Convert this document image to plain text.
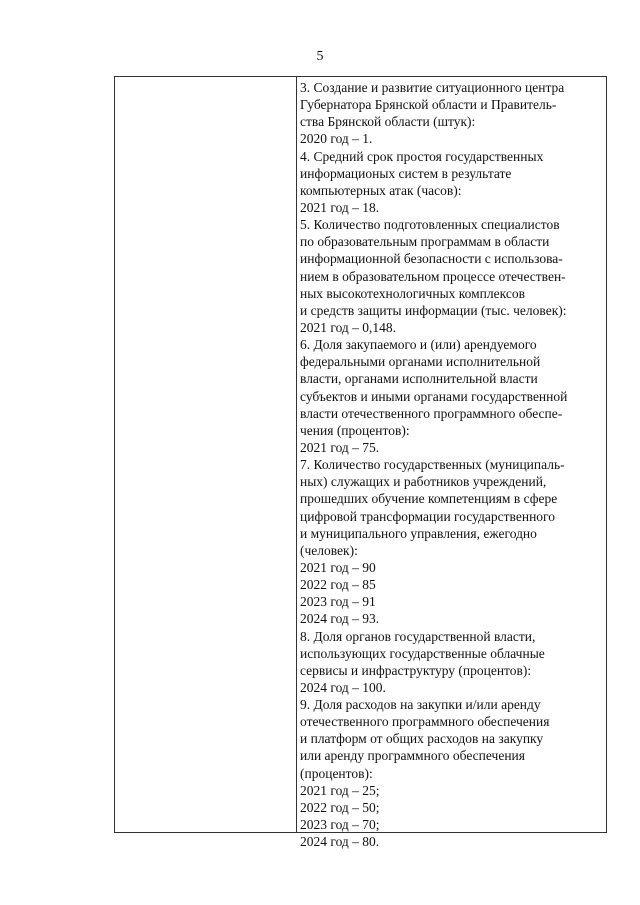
5
3. Создание и развитие ситуационного центра
Губернатора Брянской области и Правитель-
ства Брянской области (штук):
2020 год – 1.
4. Средний срок простоя государственных
информационых систем в результате
компьютерных атак (часов):
2021 год – 18.
5. Количество подготовленных специалистов
по образовательным программам в области
информационной безопасности с использова-
нием в образовательном процессе отечествен-
ных высокотехнологичных комплексов
и средств защиты информации (тыс. человек):
2021 год – 0,148.
6. Доля закупаемого и (или) арендуемого
федеральными органами исполнительной
власти, органами исполнительной власти
субъектов и иными органами государственной
власти отечественного программного обеспе-
чения (процентов):
2021 год – 75.
7. Количество государственных (муниципаль-
ных) служащих и работников учреждений,
прошедших обучение компетенциям в сфере
цифровой трансформации государственного
и муниципального управления, ежегодно
(человек):
2021 год – 90
2022 год – 85
2023 год – 91
2024 год – 93.
8. Доля органов государственной власти,
использующих государственные облачные
сервисы и инфраструктуру (процентов):
2024 год – 100.
9. Доля расходов на закупки и/или аренду
отечественного программного обеспечения
и платформ от общих расходов на закупку
или аренду программного обеспечения
(процентов):
2021 год – 25;
2022 год – 50;
2023 год – 70;
2024 год – 80.
